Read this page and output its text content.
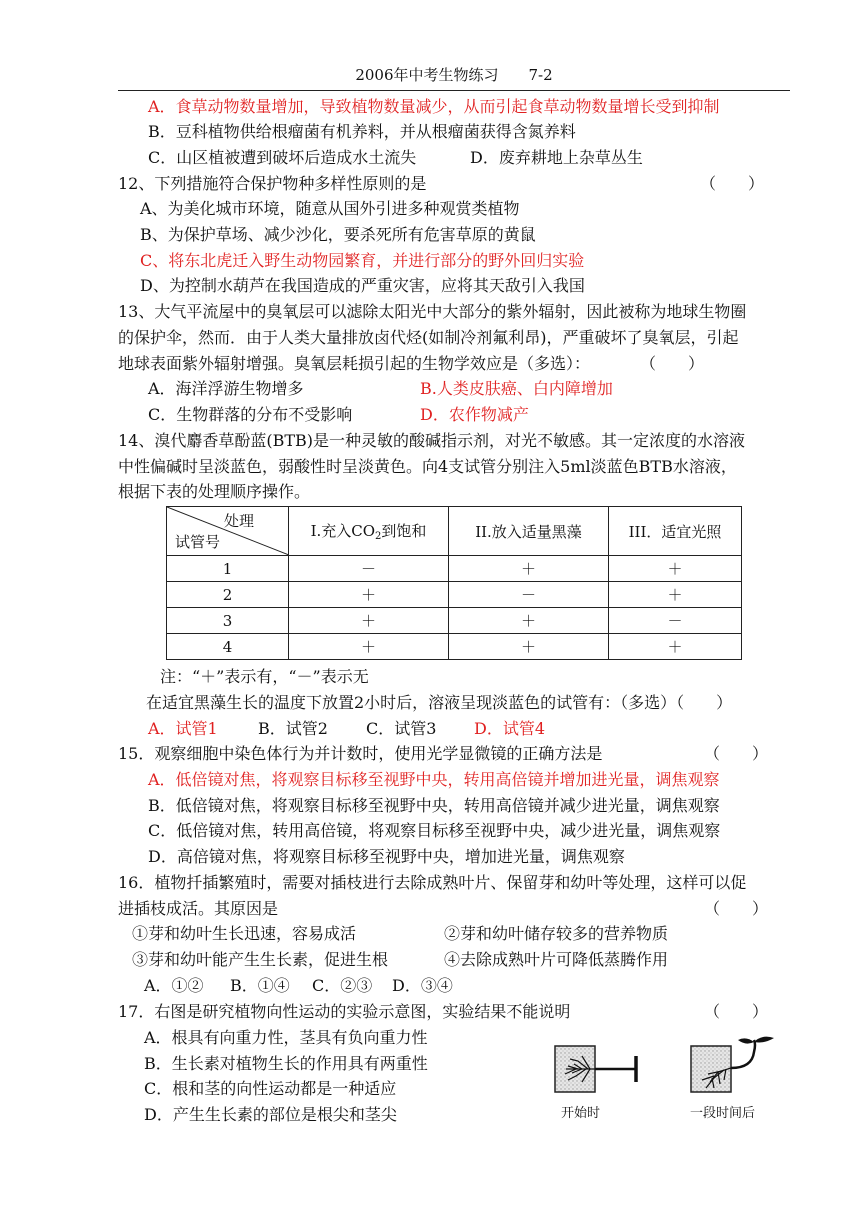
2006年中考生物练习 7-2
A．食草动物数量增加，导致植物数量减少，从而引起食草动物数量增长受到抑制
B．豆科植物供给根瘤菌有机养料，并从根瘤菌获得含氮养料
C．山区植被遭到破坏后造成水土流失	D．废弃耕地上杂草丛生
12、下列措施符合保护物种多样性原则的是	（　　）
A、为美化城市环境，随意从国外引进多种观赏类植物
B、为保护草场、减少沙化，要杀死所有危害草原的黄鼠
C、将东北虎迁入野生动物园繁育，并进行部分的野外回归实验
D、为控制水葫芦在我国造成的严重灾害，应将其天敌引入我国
13、大气平流屋中的臭氧层可以滤除太阳光中大部分的紫外辐射，因此被称为地球生物圈
的保护伞，然而．由于人类大量排放卤代烃(如制冷剂氟利昂)，严重破坏了臭氧层，引起
地球表面紫外辐射增强。臭氧层耗损引起的生物学效应是（多选）：	（　　）
A．海洋浮游生物增多	B.人类皮肤癌、白内障增加
C．生物群落的分布不受影响	D．农作物减产
14、溴代麝香草酚蓝(BTB)是一种灵敏的酸碱指示剂，对光不敏感。其一定浓度的水溶液
中性偏碱时呈淡蓝色，弱酸性时呈淡黄色。向4支试管分别注入5ml淡蓝色BTB水溶液，
根据下表的处理顺序操作。
处理
试管号	I.充入$CO_2$到饱和	II.放入适量黑藻	III．适宜光照
1	－	＋	＋
2	＋	－	＋
3	＋	＋	－
4	＋	＋	＋
注：“＋”表示有，“－”表示无
在适宜黑藻生长的温度下放置2小时后，溶液呈现淡蓝色的试管有：（多选）（　　）
A．试管1	B．试管2 C．试管3 D．试管4
15．观察细胞中染色体行为并计数时，使用光学显微镜的正确方法是	（　　）
A．低倍镜对焦，将观察目标移至视野中央，转用高倍镜并增加进光量，调焦观察
B．低倍镜对焦，将观察目标移至视野中央，转用高倍镜并减少进光量，调焦观察
C．低倍镜对焦，转用高倍镜，将观察目标移至视野中央，减少进光量，调焦观察
D．高倍镜对焦，将观察目标移至视野中央，增加进光量，调焦观察
16．植物扦插繁殖时，需要对插枝进行去除成熟叶片、保留芽和幼叶等处理，这样可以促
进插枝成活。其原因是	（　　）
①芽和幼叶生长迅速，容易成活	②芽和幼叶储存较多的营养物质
③芽和幼叶能产生生长素，促进生根	④去除成熟叶片可降低蒸腾作用
A．①② B．①④ C．②③ D．③④
17．右图是研究植物向性运动的实验示意图，实验结果不能说明	（　　）
A．根具有向重力性，茎具有负向重力性
B．生长素对植物生长的作用具有两重性
C．根和茎的向性运动都是一种适应
D．产生生长素的部位是根尖和茎尖	开始时	一段时间后
